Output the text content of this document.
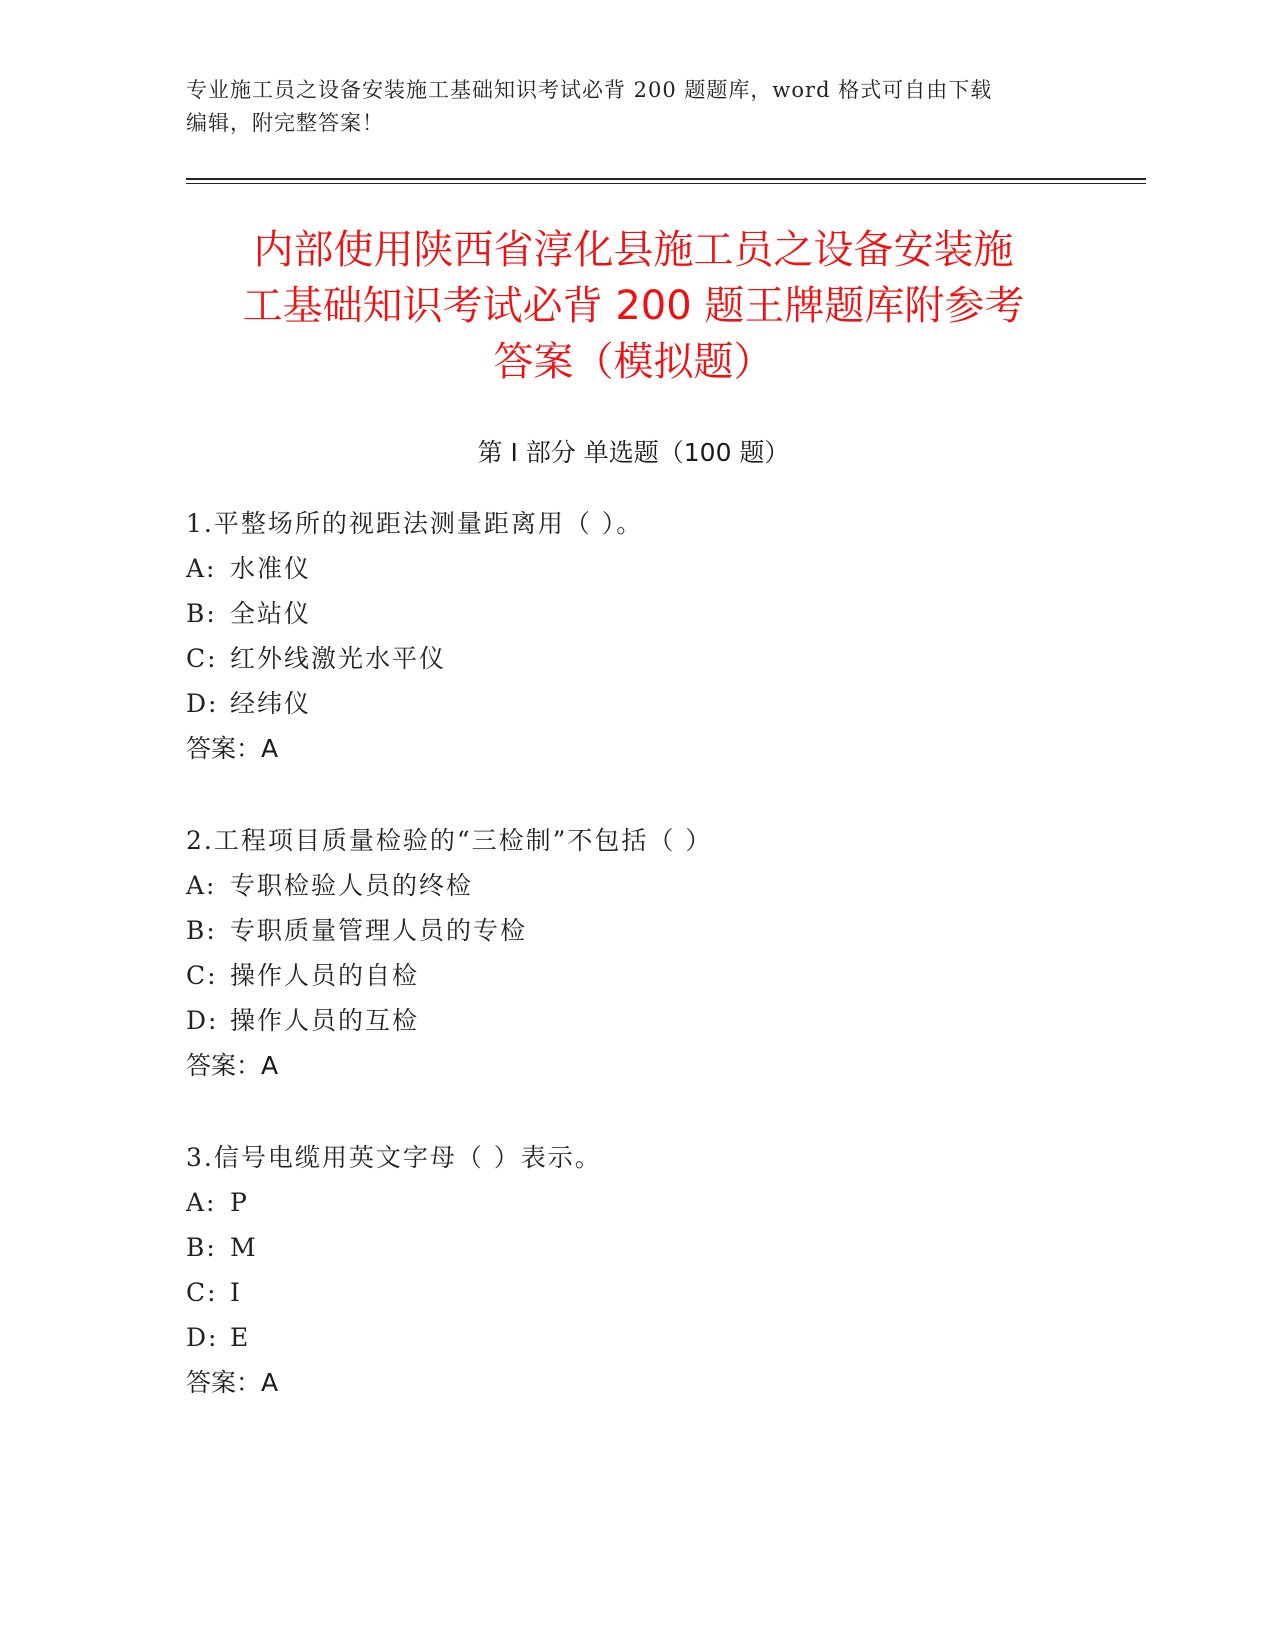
专业施工员之设备安装施工基础知识考试必背 200 题题库，word 格式可自由下载
编辑，附完整答案！
内部使用陕西省淳化县施工员之设备安装施
工基础知识考试必背 200 题王牌题库附参考
答案（模拟题）
第 I 部分 单选题（100 题）
1.平整场所的视距法测量距离用（ ）。
A: 水准仪
B: 全站仪
C: 红外线激光水平仪
D: 经纬仪
答案：A
2.工程项目质量检验的“三检制”不包括（ ）
A: 专职检验人员的终检
B: 专职质量管理人员的专检
C: 操作人员的自检
D: 操作人员的互检
答案：A
3.信号电缆用英文字母（ ）表示。
A: P
B: M
C: I
D: E
答案：A
